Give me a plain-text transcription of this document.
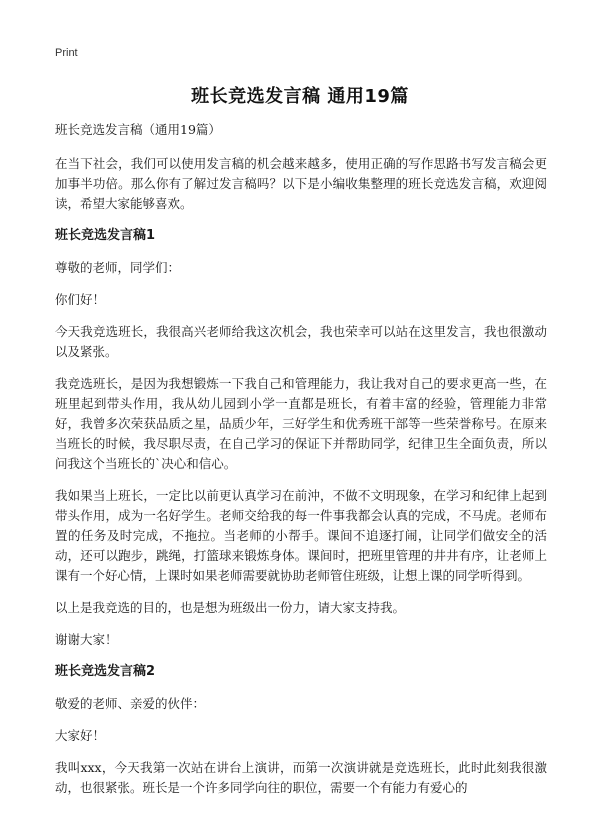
Print
班长竞选发言稿 通用19篇

班长竞选发言稿（通用19篇）

在当下社会，我们可以使用发言稿的机会越来越多，使用正确的写作思路书写发言稿会更加事半功倍。那么你有了解过发言稿吗？以下是小编收集整理的班长竞选发言稿，欢迎阅读，希望大家能够喜欢。

班长竞选发言稿1

尊敬的老师，同学们：

你们好！

今天我竞选班长，我很高兴老师给我这次机会，我也荣幸可以站在这里发言，我也很激动以及紧张。

我竞选班长，是因为我想锻炼一下我自己和管理能力，我让我对自己的要求更高一些，在班里起到带头作用，我从幼儿园到小学一直都是班长，有着丰富的经验，管理能力非常好，我曾多次荣获品质之星，品质少年，三好学生和优秀班干部等一些荣誉称号。在原来当班长的时候，我尽职尽责，在自己学习的保证下并帮助同学，纪律卫生全面负责，所以问我这个当班长的`决心和信心。

我如果当上班长，一定比以前更认真学习在前沖，不做不文明现象，在学习和纪律上起到带头作用，成为一名好学生。老师交给我的每一件事我都会认真的完成，不马虎。老师布置的任务及时完成，不拖拉。当老师的小帮手。课间不追逐打闹，让同学们做安全的活动，还可以跑步，跳绳，打篮球来锻炼身体。课间时，把班里管理的井井有序，让老师上课有一个好心情，上课时如果老师需要就协助老师管住班级，让想上课的同学听得到。

以上是我竞选的目的，也是想为班级出一份力，请大家支持我。

谢谢大家！

班长竞选发言稿2

敬爱的老师、亲爱的伙伴：

大家好！

我叫xxx，今天我第一次站在讲台上演讲，而第一次演讲就是竞选班长，此时此刻我很激动，也很紧张。班长是一个许多同学向往的职位，需要一个有能力有爱心的
